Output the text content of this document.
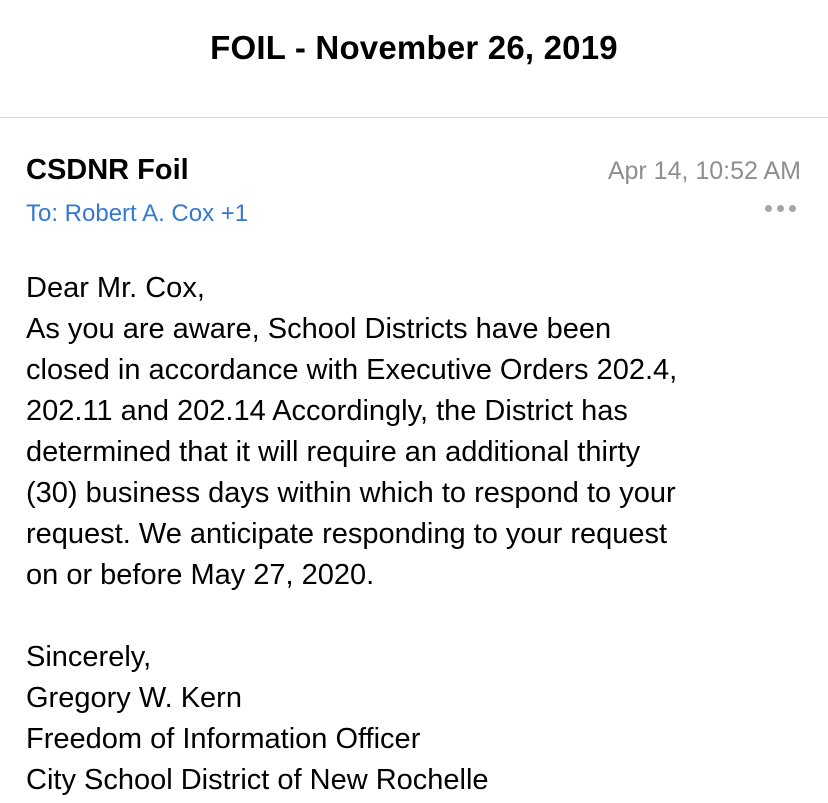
FOIL - November 26, 2019
CSDNR Foil	Apr 14, 10:52 AM
To: Robert A. Cox +1
Dear Mr. Cox,
As you are aware, School Districts have been
closed in accordance with Executive Orders 202.4,
202.11 and 202.14 Accordingly, the District has
determined that it will require an additional thirty
(30) business days within which to respond to your
request. We anticipate responding to your request
on or before May 27, 2020.
Sincerely,
Gregory W. Kern
Freedom of Information Officer
City School District of New Rochelle
